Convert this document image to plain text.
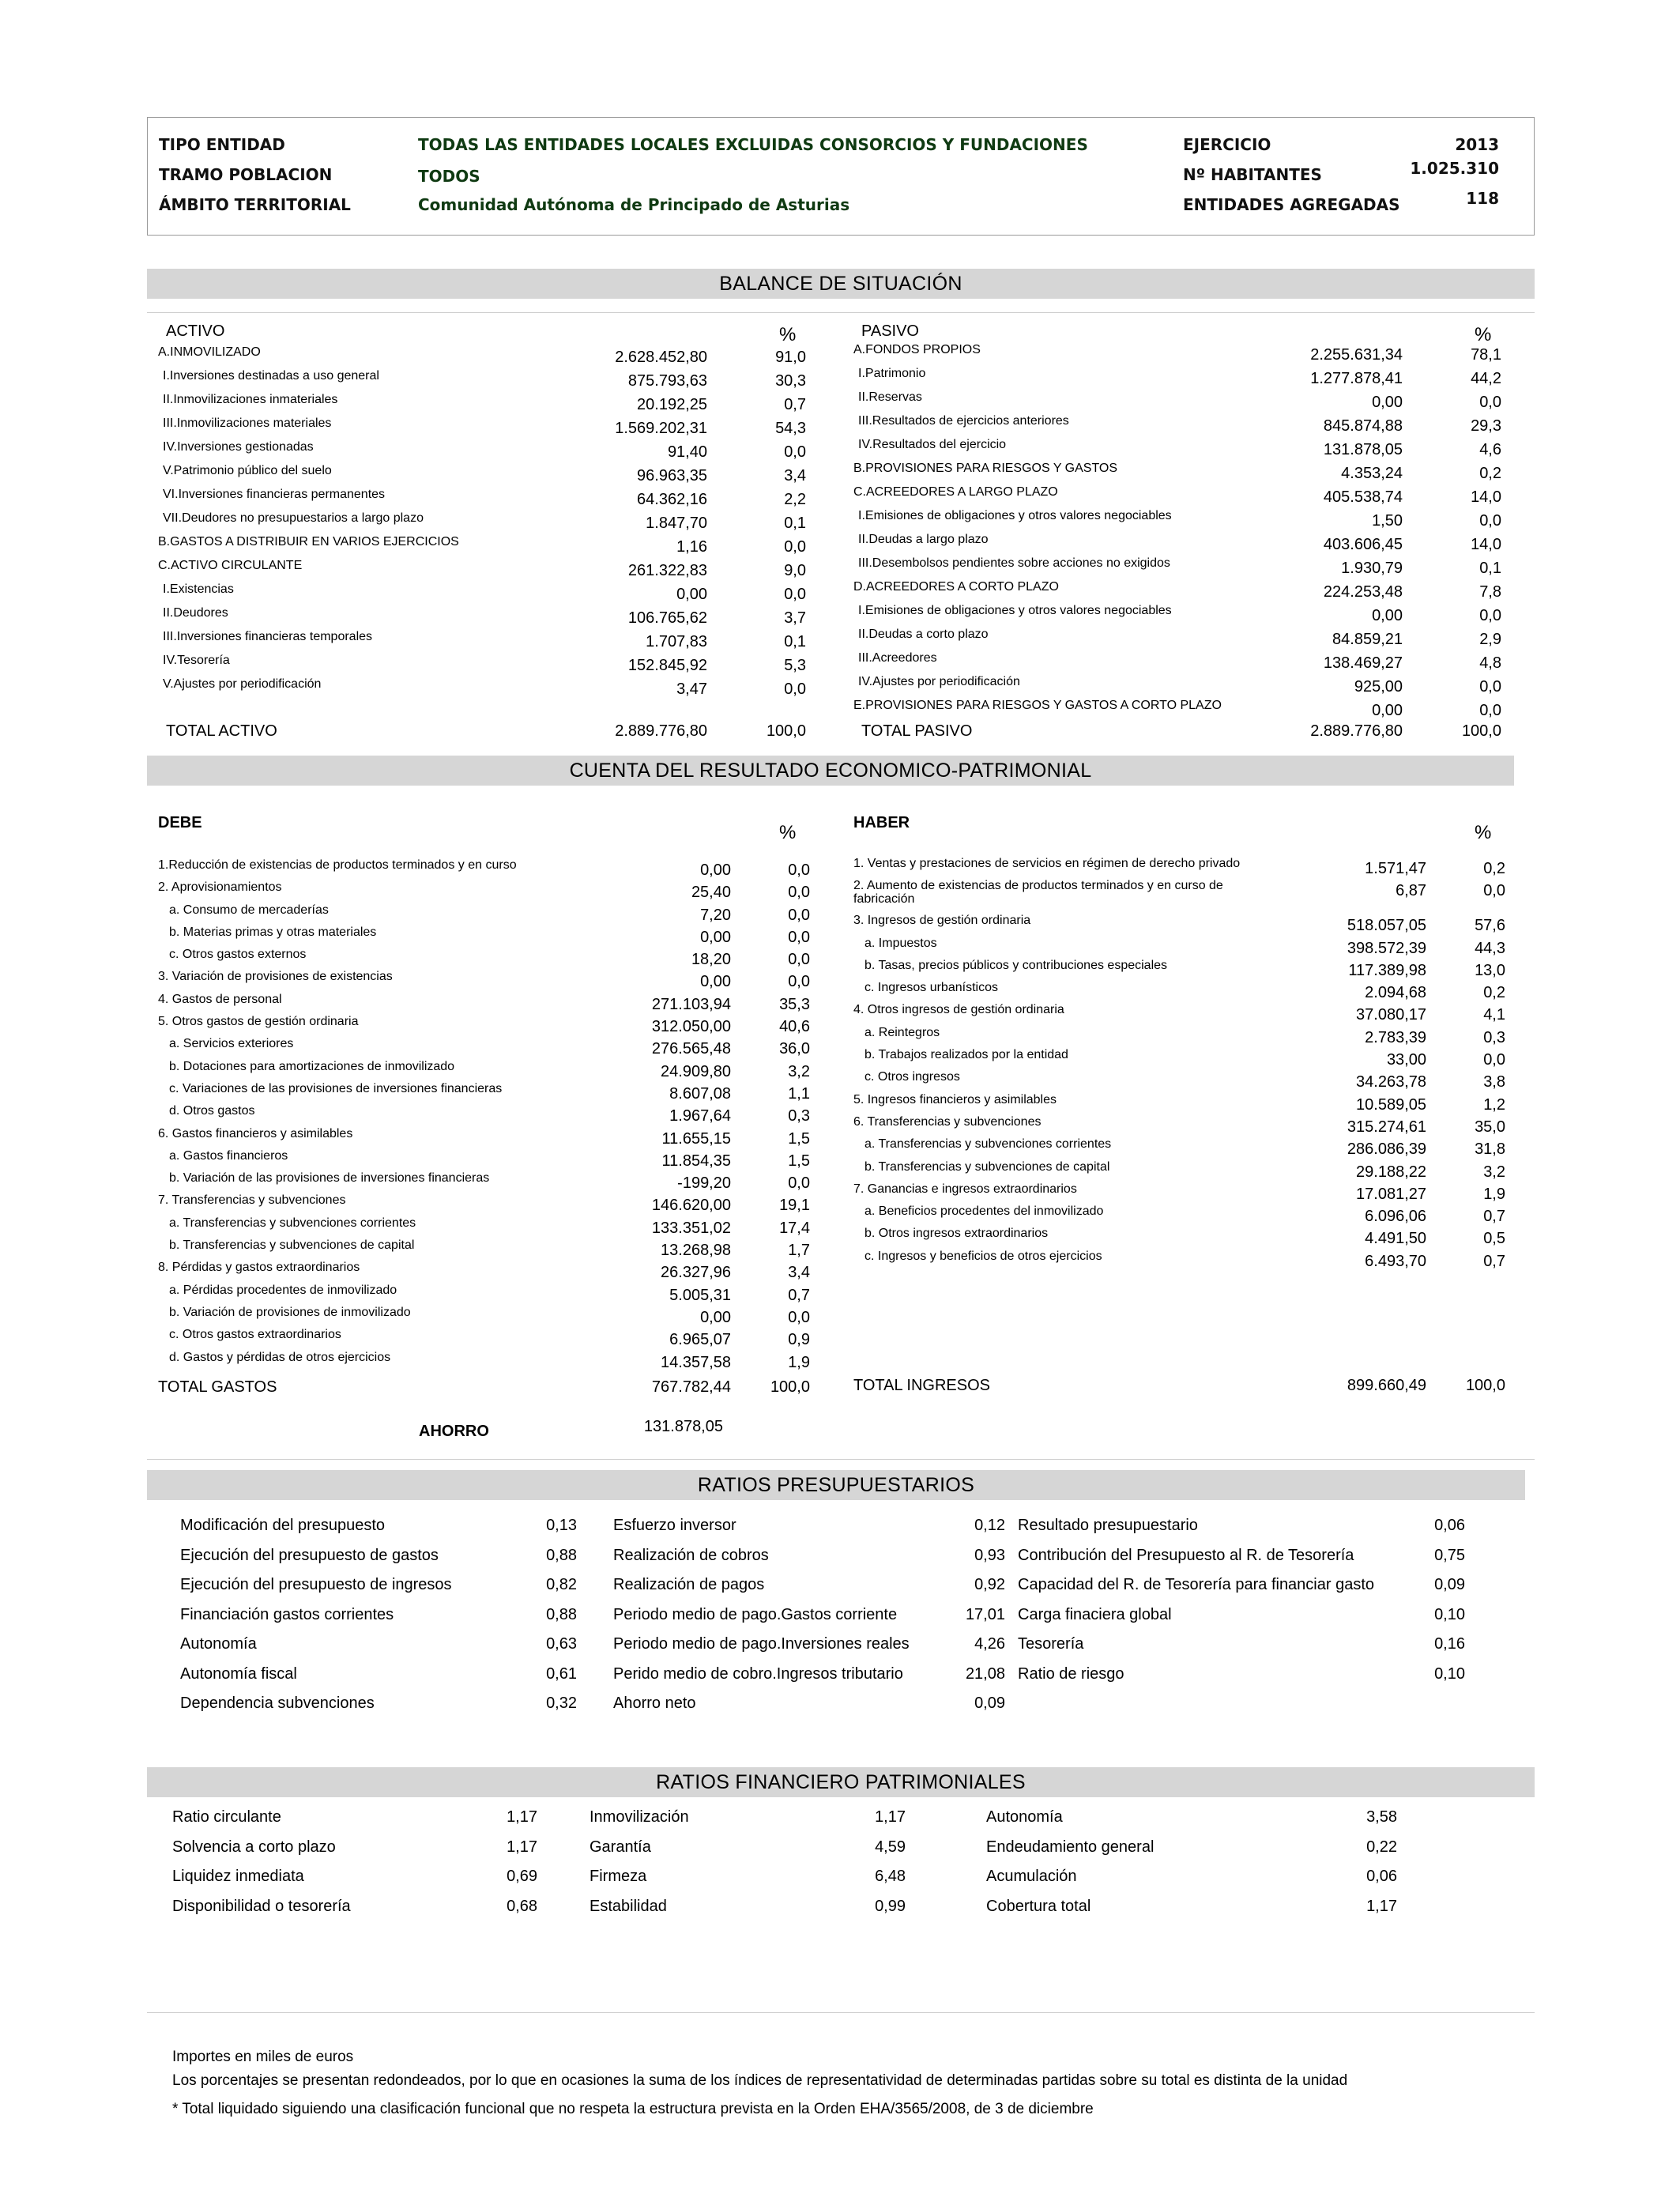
TIPO ENTIDAD	TODAS LAS ENTIDADES LOCALES EXCLUIDAS CONSORCIOS Y FUNDACIONES
TRAMO POBLACION	TODOS
ÁMBITO TERRITORIAL	Comunidad Autónoma de Principado de Asturias
EJERCICIO	2013
Nº HABITANTES	1.025.310
ENTIDADES AGREGADAS	118
BALANCE DE SITUACIÓN
ACTIVO	%	PASIVO	%
A.INMOVILIZADO	2.628.452,80	91,0
I.Inversiones destinadas a uso general	875.793,63	30,3
II.Inmovilizaciones inmateriales	20.192,25	0,7
III.Inmovilizaciones materiales	1.569.202,31	54,3
IV.Inversiones gestionadas	91,40	0,0
V.Patrimonio público del suelo	96.963,35	3,4
VI.Inversiones financieras permanentes	64.362,16	2,2
VII.Deudores no presupuestarios a largo plazo	1.847,70	0,1
B.GASTOS A DISTRIBUIR EN VARIOS EJERCICIOS	1,16	0,0
C.ACTIVO CIRCULANTE	261.322,83	9,0
I.Existencias	0,00	0,0
II.Deudores	106.765,62	3,7
III.Inversiones financieras temporales	1.707,83	0,1
IV.Tesorería	152.845,92	5,3
V.Ajustes por periodificación	3,47	0,0
A.FONDOS PROPIOS	2.255.631,34	78,1
I.Patrimonio	1.277.878,41	44,2
II.Reservas	0,00	0,0
III.Resultados de ejercicios anteriores	845.874,88	29,3
IV.Resultados del ejercicio	131.878,05	4,6
B.PROVISIONES PARA RIESGOS Y GASTOS	4.353,24	0,2
C.ACREEDORES A LARGO PLAZO	405.538,74	14,0
I.Emisiones de obligaciones y otros valores negociables	1,50	0,0
II.Deudas a largo plazo	403.606,45	14,0
III.Desembolsos pendientes sobre acciones no exigidos	1.930,79	0,1
D.ACREEDORES A CORTO PLAZO	224.253,48	7,8
I.Emisiones de obligaciones y otros valores negociables	0,00	0,0
II.Deudas a corto plazo	84.859,21	2,9
III.Acreedores	138.469,27	4,8
IV.Ajustes por periodificación	925,00	0,0
E.PROVISIONES PARA RIESGOS Y GASTOS A CORTO PLAZO	0,00	0,0
TOTAL ACTIVO	2.889.776,80	100,0	TOTAL PASIVO	2.889.776,80	100,0
CUENTA DEL RESULTADO ECONOMICO-PATRIMONIAL
DEBE	%	HABER	%
1.Reducción de existencias de productos terminados y en curso	0,00	0,0
2. Aprovisionamientos	25,40	0,0
a. Consumo de mercaderías	7,20	0,0
b. Materias primas y otras materiales	0,00	0,0
c. Otros gastos externos	18,20	0,0
3. Variación de provisiones de existencias	0,00	0,0
4. Gastos de personal	271.103,94	35,3
5. Otros gastos de gestión ordinaria	312.050,00	40,6
a. Servicios exteriores	276.565,48	36,0
b. Dotaciones para amortizaciones de inmovilizado	24.909,80	3,2
c. Variaciones de las provisiones de inversiones financieras	8.607,08	1,1
d. Otros gastos	1.967,64	0,3
6. Gastos financieros y asimilables	11.655,15	1,5
a. Gastos financieros	11.854,35	1,5
b. Variación de las provisiones de inversiones financieras	-199,20	0,0
7. Transferencias y subvenciones	146.620,00	19,1
a. Transferencias y subvenciones corrientes	133.351,02	17,4
b. Transferencias y subvenciones de capital	13.268,98	1,7
8. Pérdidas y gastos extraordinarios	26.327,96	3,4
a. Pérdidas procedentes de inmovilizado	5.005,31	0,7
b. Variación de provisiones de inmovilizado	0,00	0,0
c. Otros gastos extraordinarios	6.965,07	0,9
d. Gastos y pérdidas de otros ejercicios	14.357,58	1,9
1. Ventas y prestaciones de servicios en régimen de derecho privado	1.571,47	0,2
2. Aumento de existencias de productos terminados y en curso de fabricación	6,87	0,0
3. Ingresos de gestión ordinaria	518.057,05	57,6
a. Impuestos	398.572,39	44,3
b. Tasas, precios públicos y contribuciones especiales	117.389,98	13,0
c. Ingresos urbanísticos	2.094,68	0,2
4. Otros ingresos de gestión ordinaria	37.080,17	4,1
a. Reintegros	2.783,39	0,3
b. Trabajos realizados por la entidad	33,00	0,0
c. Otros ingresos	34.263,78	3,8
5. Ingresos financieros y asimilables	10.589,05	1,2
6. Transferencias y subvenciones	315.274,61	35,0
a. Transferencias y subvenciones corrientes	286.086,39	31,8
b. Transferencias y subvenciones de capital	29.188,22	3,2
7. Ganancias e ingresos extraordinarios	17.081,27	1,9
a. Beneficios procedentes del inmovilizado	6.096,06	0,7
b. Otros ingresos extraordinarios	4.491,50	0,5
c. Ingresos y beneficios de otros ejercicios	6.493,70	0,7
TOTAL GASTOS	767.782,44	100,0	TOTAL INGRESOS	899.660,49	100,0
AHORRO	131.878,05
RATIOS PRESUPUESTARIOS
Modificación del presupuesto	0,13
Ejecución del presupuesto de gastos	0,88
Ejecución del presupuesto de ingresos	0,82
Financiación gastos corrientes	0,88
Autonomía	0,63
Autonomía fiscal	0,61
Dependencia subvenciones	0,32
Esfuerzo inversor	0,12
Realización de cobros	0,93
Realización de pagos	0,92
Periodo medio de pago.Gastos corriente	17,01
Periodo medio de pago.Inversiones reales	4,26
Perido medio de cobro.Ingresos tributario	21,08
Ahorro neto	0,09
Resultado presupuestario	0,06
Contribución del Presupuesto al R. de Tesorería	0,75
Capacidad del R. de Tesorería para financiar gasto	0,09
Carga finaciera global	0,10
Tesorería	0,16
Ratio de riesgo	0,10
RATIOS FINANCIERO PATRIMONIALES
Ratio circulante	1,17
Solvencia a corto plazo	1,17
Liquidez inmediata	0,69
Disponibilidad o tesorería	0,68
Inmovilización	1,17
Garantía	4,59
Firmeza	6,48
Estabilidad	0,99
Autonomía	3,58
Endeudamiento general	0,22
Acumulación	0,06
Cobertura total	1,17
Importes en miles de euros
Los porcentajes se presentan redondeados, por lo que en ocasiones la suma de los índices de representatividad de determinadas partidas sobre su total es distinta de la unidad
* Total liquidado siguiendo una clasificación funcional que no respeta la estructura prevista en la Orden EHA/3565/2008, de 3 de diciembre
